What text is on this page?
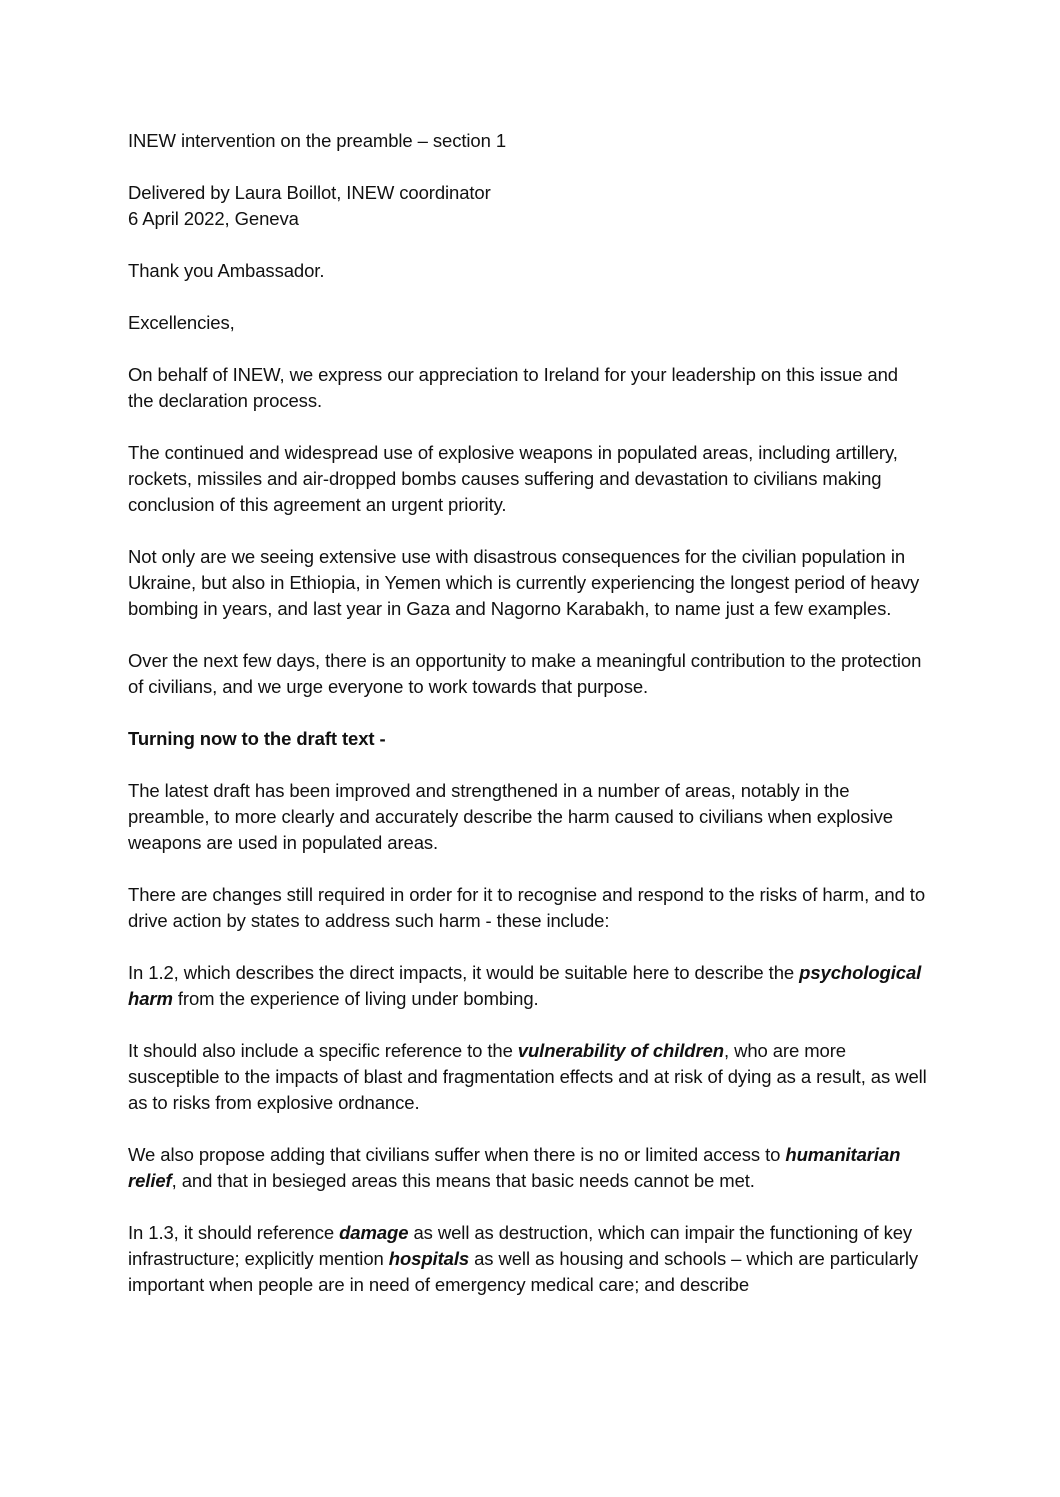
INEW intervention on the preamble – section 1

Delivered by Laura Boillot, INEW coordinator

6 April 2022, Geneva

Thank you Ambassador.

Excellencies,

On behalf of INEW, we express our appreciation to Ireland for your leadership on this issue and the declaration process.

The continued and widespread use of explosive weapons in populated areas, including artillery, rockets, missiles and air-dropped bombs causes suffering and devastation to civilians making conclusion of this agreement an urgent priority.

Not only are we seeing extensive use with disastrous consequences for the civilian population in Ukraine, but also in Ethiopia, in Yemen which is currently experiencing the longest period of heavy bombing in years, and last year in Gaza and Nagorno Karabakh, to name just a few examples.

Over the next few days, there is an opportunity to make a meaningful contribution to the protection of civilians, and we urge everyone to work towards that purpose.

Turning now to the draft text -

The latest draft has been improved and strengthened in a number of areas, notably in the preamble, to more clearly and accurately describe the harm caused to civilians when explosive weapons are used in populated areas.

There are changes still required in order for it to recognise and respond to the risks of harm, and to drive action by states to address such harm - these include:

In 1.2, which describes the direct impacts, it would be suitable here to describe the psychological harm from the experience of living under bombing.

It should also include a specific reference to the vulnerability of children, who are more susceptible to the impacts of blast and fragmentation effects and at risk of dying as a result, as well as to risks from explosive ordnance.

We also propose adding that civilians suffer when there is no or limited access to humanitarian relief, and that in besieged areas this means that basic needs cannot be met.

In 1.3, it should reference damage as well as destruction, which can impair the functioning of key infrastructure; explicitly mention hospitals as well as housing and schools – which are particularly important when people are in need of emergency medical care; and describe
